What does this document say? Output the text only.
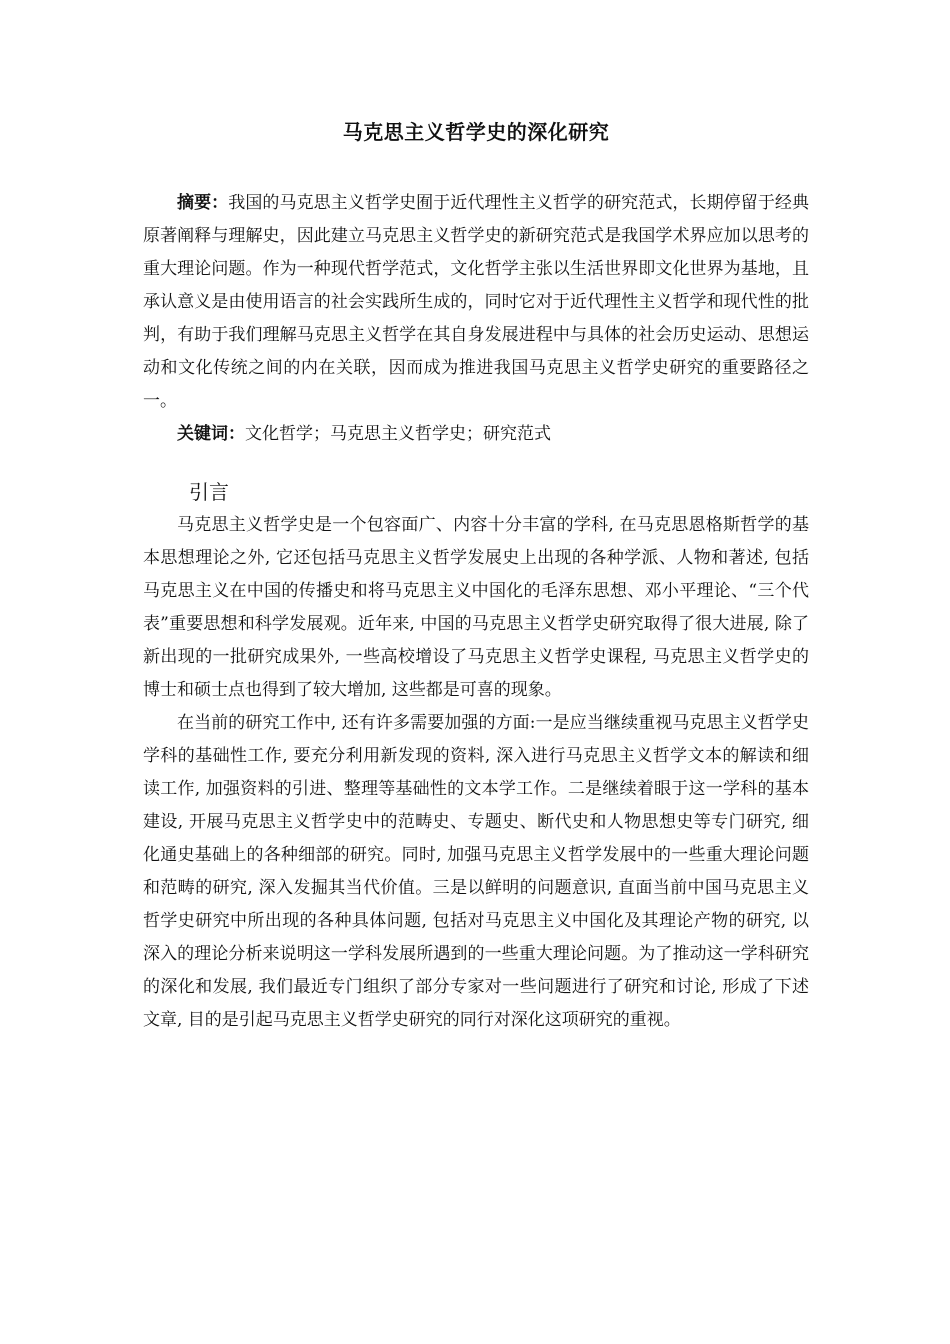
马克思主义哲学史的深化研究

摘要：我国的马克思主义哲学史囿于近代理性主义哲学的研究范式，长期停留于经典原著阐释与理解史，因此建立马克思主义哲学史的新研究范式是我国学术界应加以思考的重大理论问题。作为一种现代哲学范式，文化哲学主张以生活世界即文化世界为基地，且承认意义是由使用语言的社会实践所生成的，同时它对于近代理性主义哲学和现代性的批判，有助于我们理解马克思主义哲学在其自身发展进程中与具体的社会历史运动、思想运动和文化传统之间的内在关联，因而成为推进我国马克思主义哲学史研究的重要路径之一。

关键词：文化哲学；马克思主义哲学史；研究范式

引言

马克思主义哲学史是一个包容面广、内容十分丰富的学科, 在马克思恩格斯哲学的基本思想理论之外, 它还包括马克思主义哲学发展史上出现的各种学派、人物和著述, 包括马克思主义在中国的传播史和将马克思主义中国化的毛泽东思想、邓小平理论、“三个代表”重要思想和科学发展观。近年来, 中国的马克思主义哲学史研究取得了很大进展, 除了新出现的一批研究成果外, 一些高校增设了马克思主义哲学史课程, 马克思主义哲学史的博士和硕士点也得到了较大增加, 这些都是可喜的现象。

在当前的研究工作中, 还有许多需要加强的方面:一是应当继续重视马克思主义哲学史学科的基础性工作, 要充分利用新发现的资料, 深入进行马克思主义哲学文本的解读和细读工作, 加强资料的引进、整理等基础性的文本学工作。二是继续着眼于这一学科的基本建设, 开展马克思主义哲学史中的范畴史、专题史、断代史和人物思想史等专门研究, 细化通史基础上的各种细部的研究。同时, 加强马克思主义哲学发展中的一些重大理论问题和范畴的研究, 深入发掘其当代价值。三是以鲜明的问题意识, 直面当前中国马克思主义哲学史研究中所出现的各种具体问题, 包括对马克思主义中国化及其理论产物的研究, 以深入的理论分析来说明这一学科发展所遇到的一些重大理论问题。为了推动这一学科研究的深化和发展, 我们最近专门组织了部分专家对一些问题进行了研究和讨论, 形成了下述文章, 目的是引起马克思主义哲学史研究的同行对深化这项研究的重视。
